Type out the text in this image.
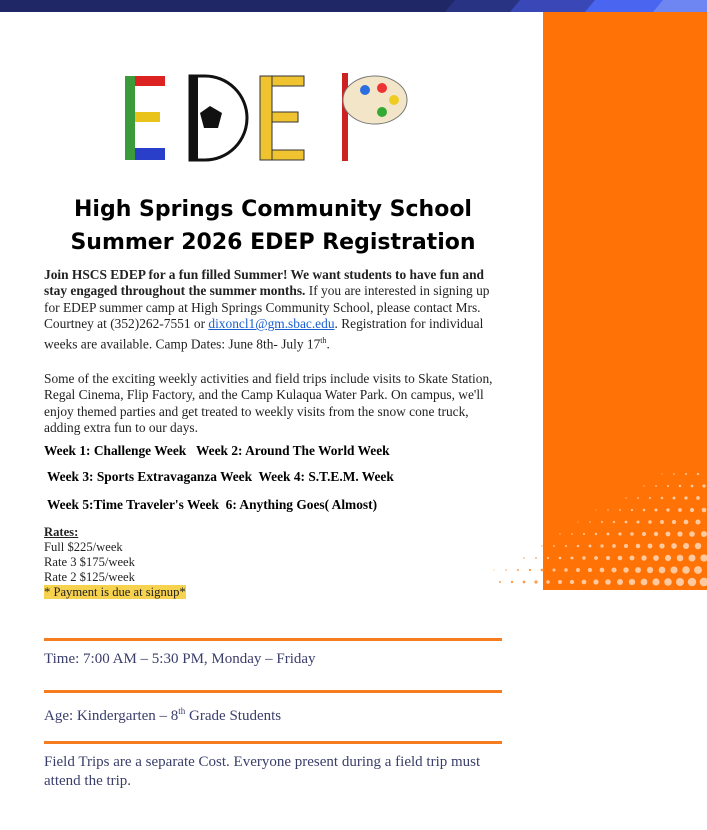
High Springs Community School
Summer 2026 EDEP Registration
Join HSCS EDEP for a fun filled Summer! We want students to have fun and stay engaged throughout the summer months. If you are interested in signing up for EDEP summer camp at High Springs Community School, please contact Mrs. Courtney at (352)262-7551 or dixoncl1@gm.sbac.edu. Registration for individual weeks are available. Camp Dates: June 8th- July 17th.
Some of the exciting weekly activities and field trips include visits to Skate Station, Regal Cinema, Flip Factory, and the Camp Kulaqua Water Park. On campus, we'll enjoy themed parties and get treated to weekly visits from the snow cone truck, adding extra fun to our days.
Week 1: Challenge Week   Week 2: Around The World Week
Week 3: Sports Extravaganza Week  Week 4: S.T.E.M. Week
Week 5:Time Traveler's Week  6: Anything Goes( Almost)
Rates:
Full $225/week
Rate 3 $175/week
Rate 2 $125/week
* Payment is due at signup*
Time: 7:00 AM – 5:30 PM, Monday – Friday
Age: Kindergarten – 8th Grade Students
Field Trips are a separate Cost. Everyone present during a field trip must attend the trip.
